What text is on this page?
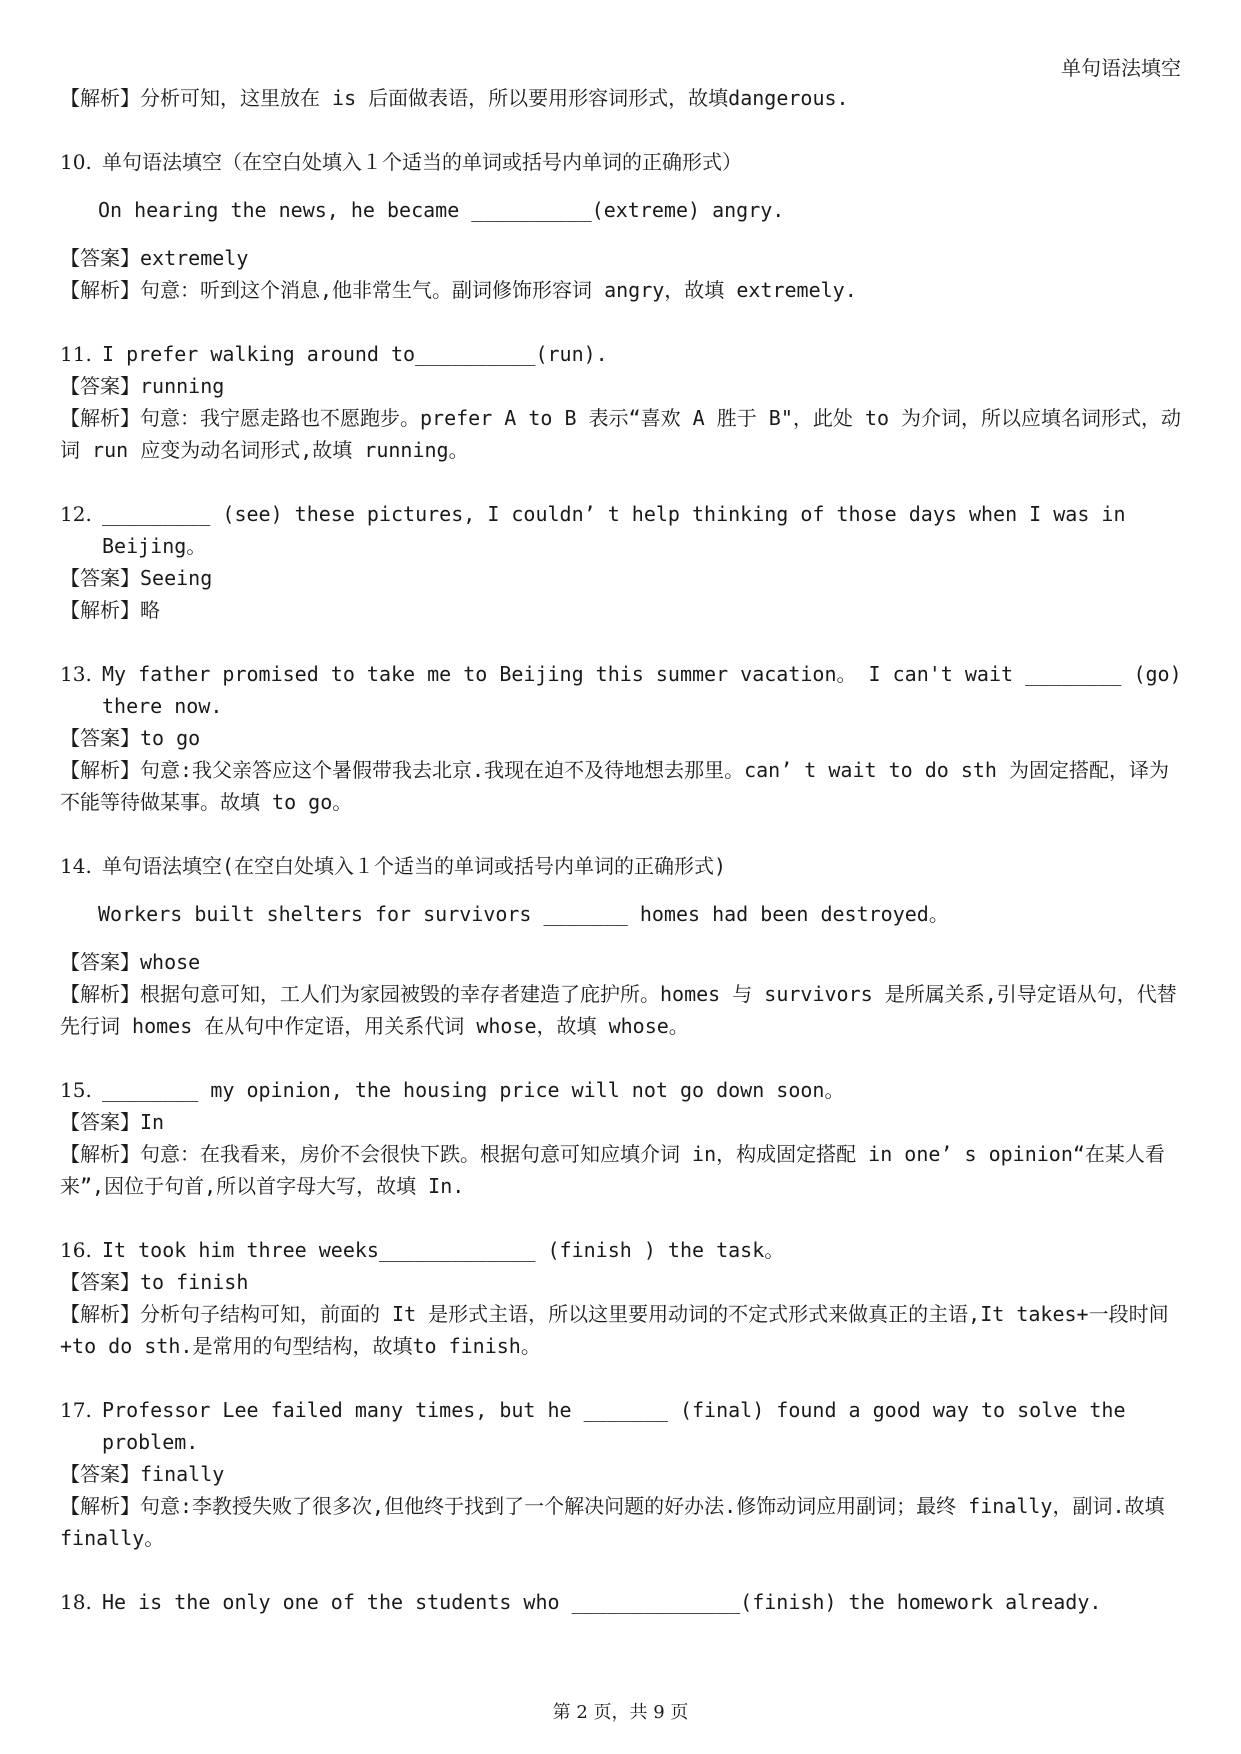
单句语法填空
【解析】分析可知，这里放在 is 后面做表语，所以要用形容词形式，故填dangerous.
10. 单句语法填空（在空白处填入１个适当的单词或括号内单词的正确形式）
On hearing the news, he became __________(extreme) angry.
【答案】extremely
【解析】句意：听到这个消息,他非常生气。副词修饰形容词 angry，故填 extremely.
11. I prefer walking around to__________(run).
【答案】running
【解析】句意：我宁愿走路也不愿跑步。prefer A to B 表示“喜欢 A 胜于 B"，此处 to 为介词，所以应填名词形式，动词 run 应变为动名词形式,故填 running。
12. _________ (see) these pictures, I couldn’ t help thinking of those days when I was in
Beijing。
【答案】Seeing
【解析】略
13. My father promised to take me to Beijing this summer vacation。 I can't wait ________ (go)
there now.
【答案】to go
【解析】句意:我父亲答应这个暑假带我去北京.我现在迫不及待地想去那里。can’ t wait to do sth 为固定搭配，译为不能等待做某事。故填 to go。
14. 单句语法填空(在空白处填入１个适当的单词或括号内单词的正确形式)
Workers built shelters for survivors _______ homes had been destroyed。
【答案】whose
【解析】根据句意可知，工人们为家园被毁的幸存者建造了庇护所。homes 与 survivors 是所属关系,引导定语从句，代替先行词 homes 在从句中作定语，用关系代词 whose，故填 whose。
15. ________ my opinion, the housing price will not go down soon。
【答案】In
【解析】句意：在我看来，房价不会很快下跌。根据句意可知应填介词 in，构成固定搭配 in one’ s opinion“在某人看来”,因位于句首,所以首字母大写，故填 In.
16. It took him three weeks_____________ (finish ) the task。
【答案】to finish
【解析】分析句子结构可知，前面的 It 是形式主语，所以这里要用动词的不定式形式来做真正的主语,It takes+一段时间+to do sth.是常用的句型结构，故填to finish。
17. Professor Lee failed many times, but he _______ (final) found a good way to solve the
problem.
【答案】finally
【解析】句意:李教授失败了很多次,但他终于找到了一个解决问题的好办法.修饰动词应用副词；最终 finally，副词.故填 finally。
18. He is the only one of the students who ______________(finish) the homework already.
第 2 页，共 9 页
